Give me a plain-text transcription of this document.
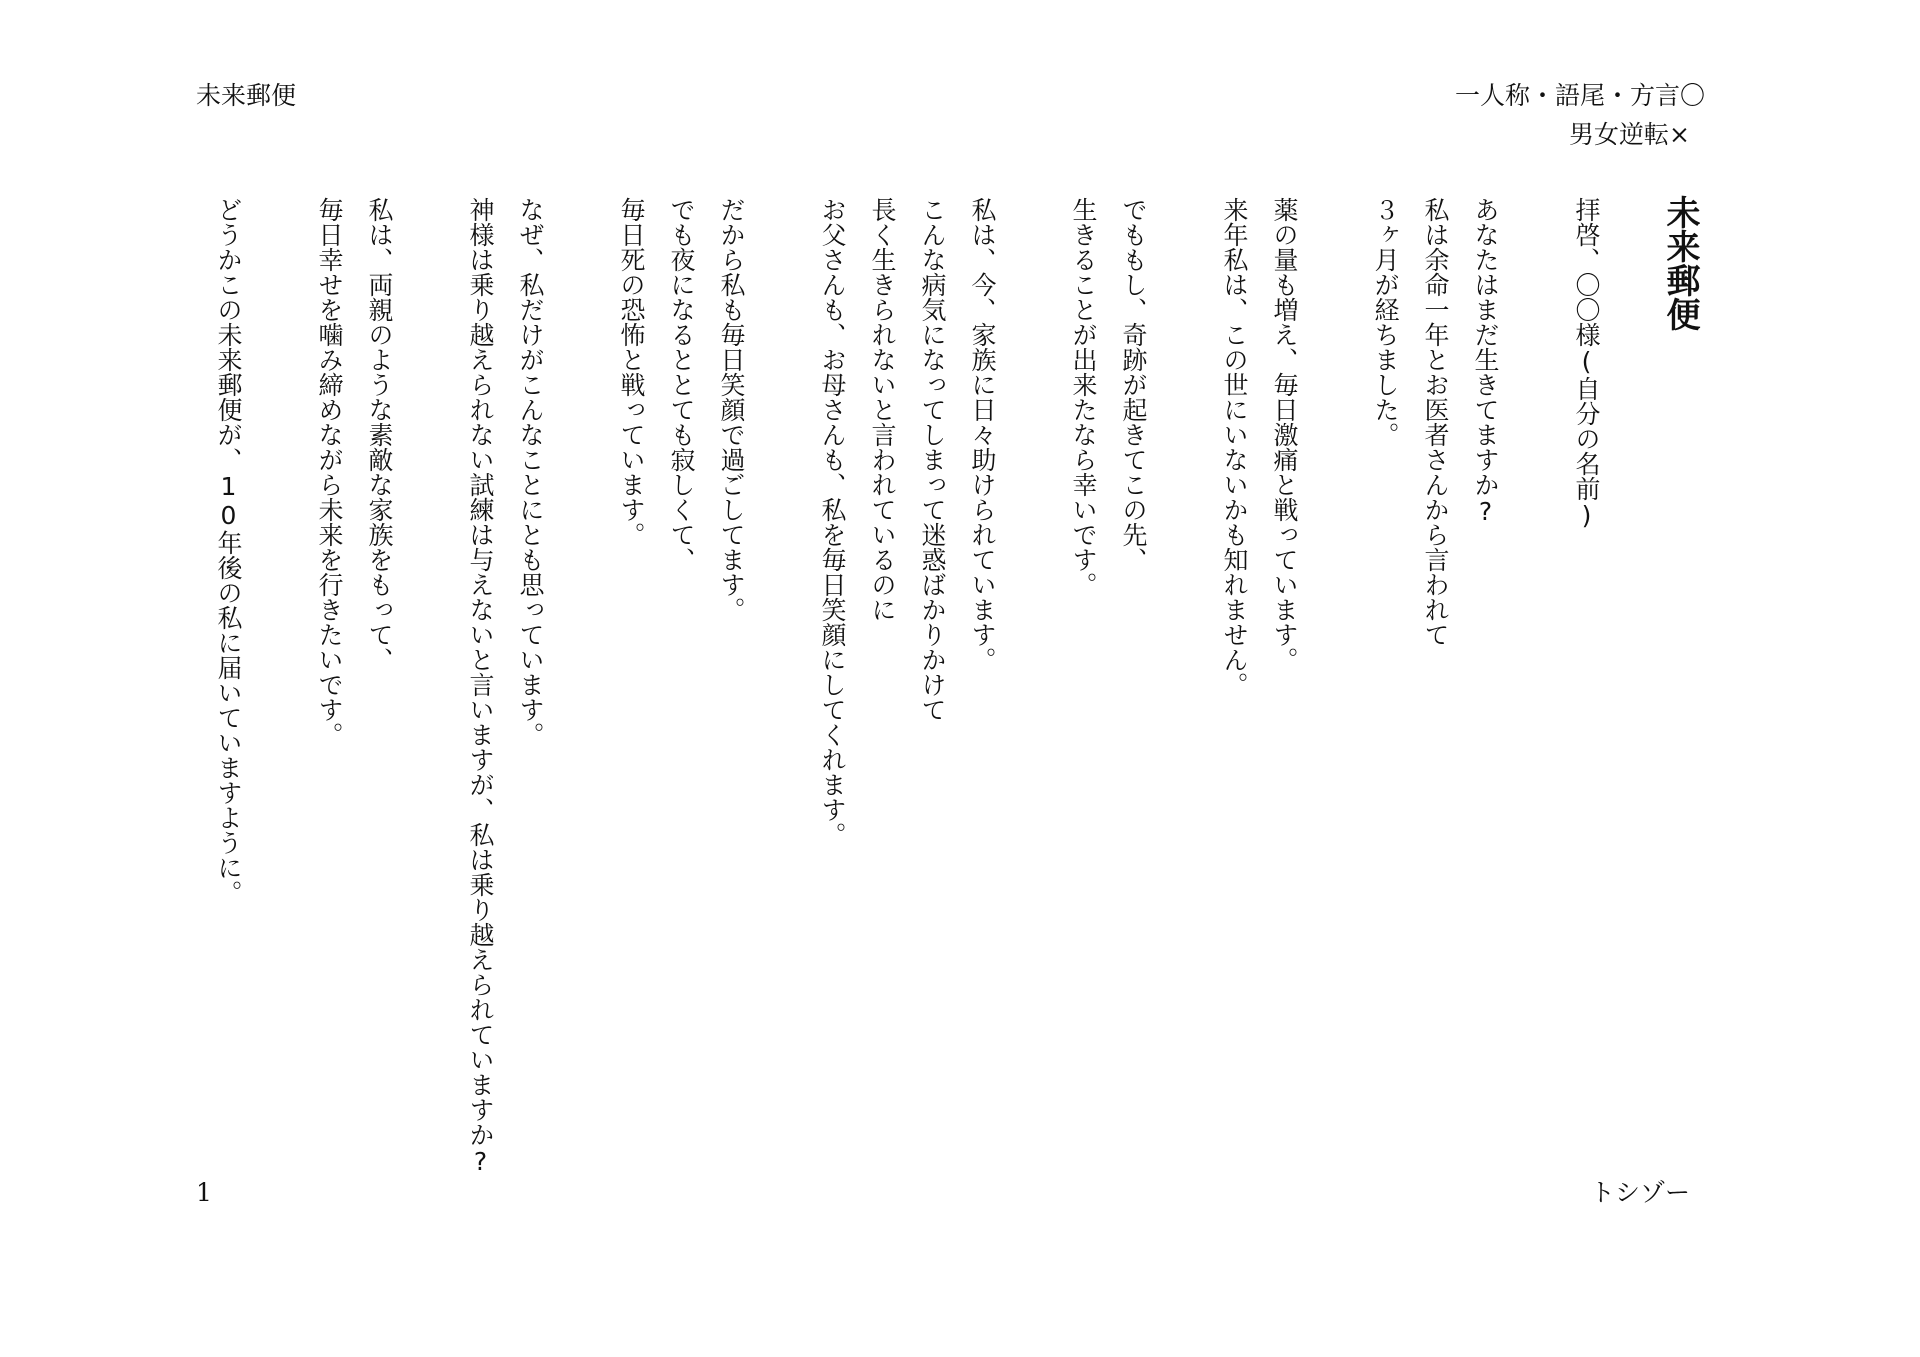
未来郵便	一人称・語尾・方言〇
男女逆転×
未来郵便
拝啓、〇〇様(自分の名前)
あなたはまだ生きてますか?
私は余命一年とお医者さんから言われて
３ヶ月が経ちました。
薬の量も増え、毎日激痛と戦っています。
来年私は、この世にいないかも知れません。
でももし、奇跡が起きてこの先、
生きることが出来たなら幸いです。
私は、今、家族に日々助けられています。
こんな病気になってしまって迷惑ばかりかけて
長く生きられないと言われているのに
お父さんも、お母さんも、私を毎日笑顔にしてくれます。
だから私も毎日笑顔で過ごしてます。
でも夜になるととても寂しくて、
毎日死の恐怖と戦っています。
なぜ、私だけがこんなことにとも思っています。
神様は乗り越えられない試練は与えないと言いますが、私は乗り越えられていますか?
私は、両親のような素敵な家族をもって、
毎日幸せを噛み締めながら未来を行きたいです。
どうかこの未来郵便が、10年後の私に届いていますように。
1	トシゾー
